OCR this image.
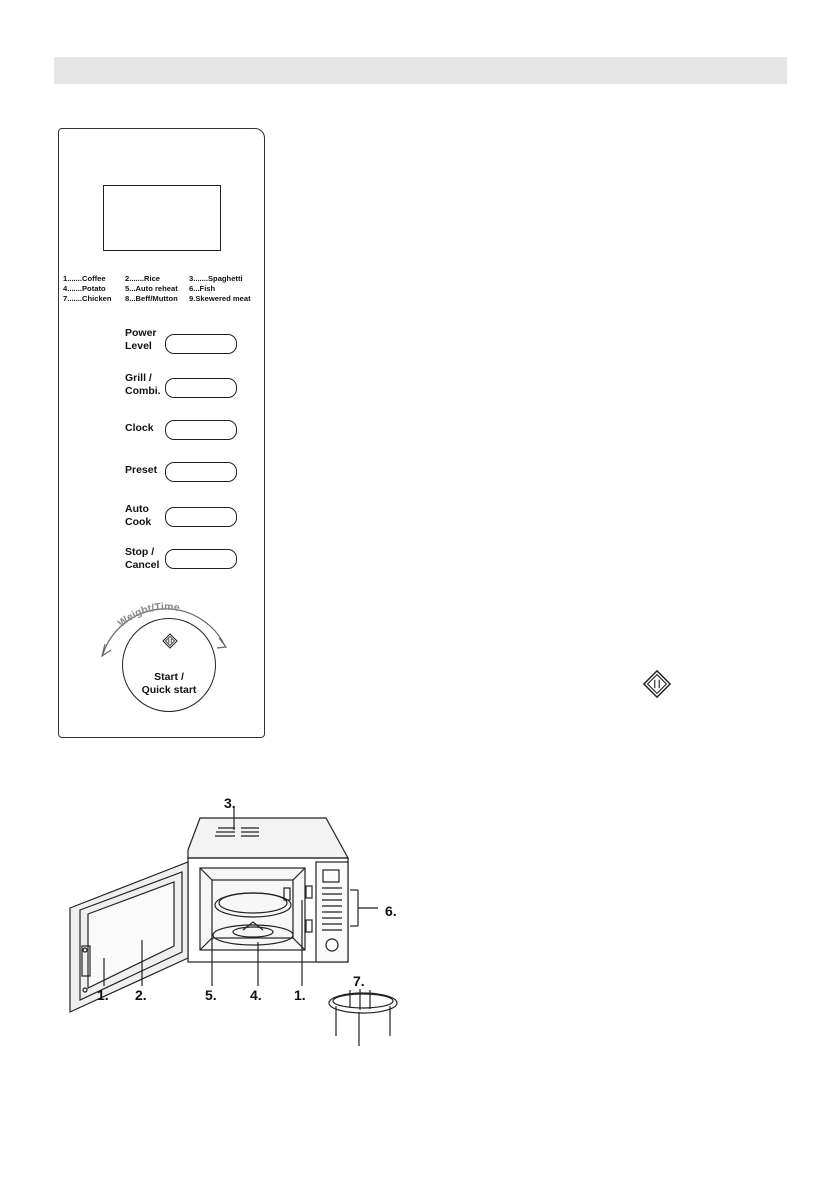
1.......Coffee	2.......Rice	3.......Spaghetti
4.......Potato	5...Auto reheat	6...Fish
7.......Chicken	8...Beff/Mutton	9.Skewered meat
Power
Level
Grill /
Combi.
Clock
Preset
Auto
Cook
Stop /
Cancel
Weight/Time
Start /
Quick start
1. 2.
3.
4.
5.	1.
6.
7.
